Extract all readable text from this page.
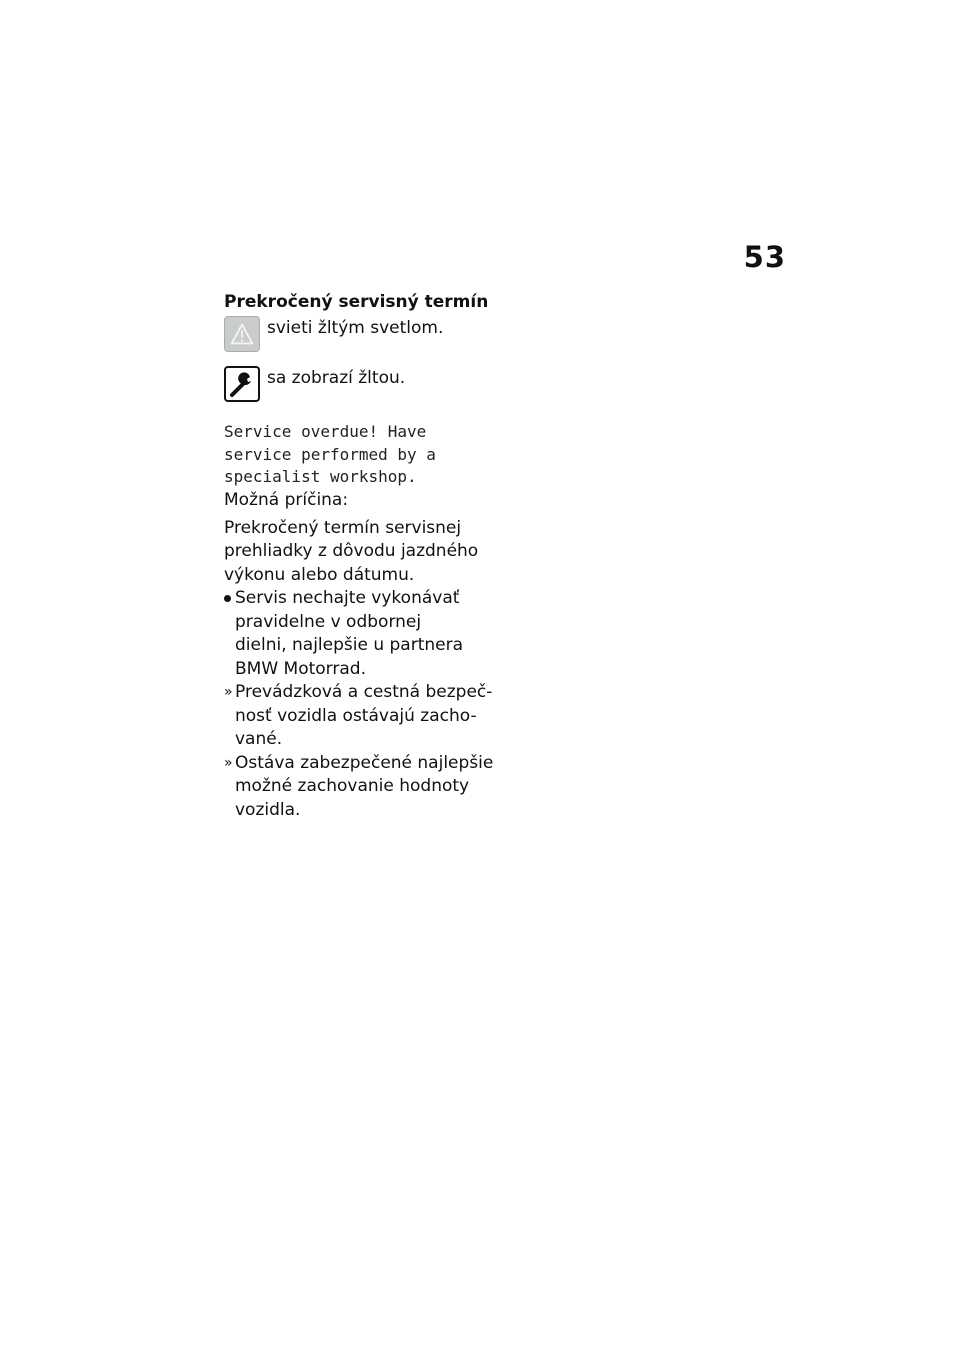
53
Prekročený servisný termín
svieti žltým svetlom.
sa zobrazí žltou.
Service overdue! Have
service performed by a
specialist workshop.
Možná príčina:
Prekročený termín servisnej
prehliadky z dôvodu jazdného
výkonu alebo dátumu.
Servis nechajte vykonávať
pravidelne v odbornej
dielni, najlepšie u partnera
BMW Motorrad.
» Prevádzková a cestná bezpeč-
nosť vozidla ostávajú zacho-
vané.
» Ostáva zabezpečené najlepšie
možné zachovanie hodnoty
vozidla.
